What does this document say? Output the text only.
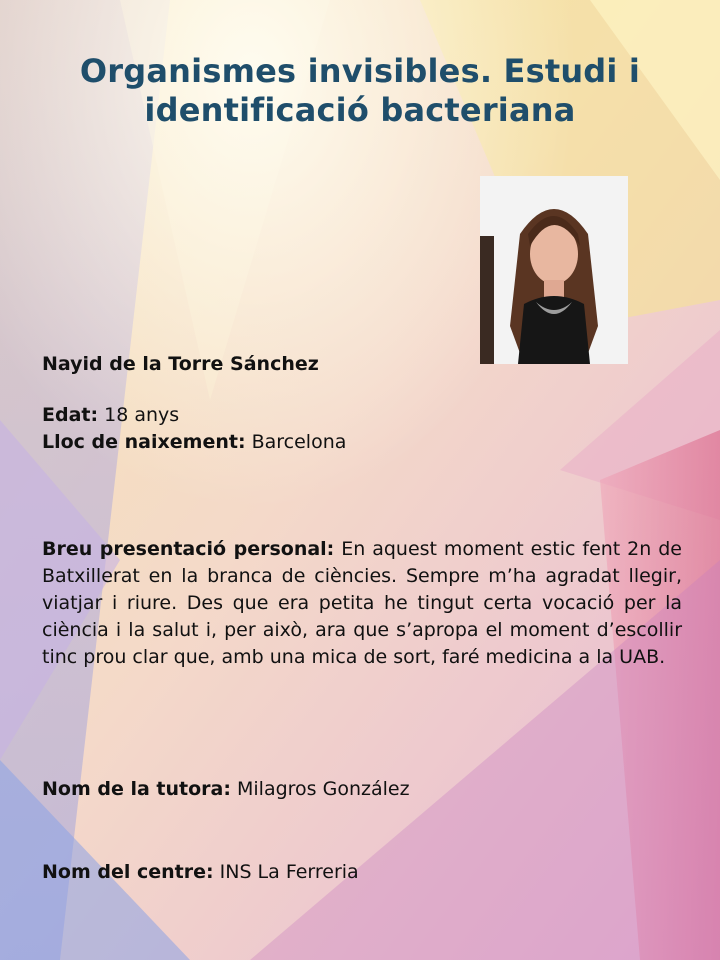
Organismes invisibles. Estudi i identificació bacteriana
Nayid de la Torre Sánchez
Edat: 18 anys
Lloc de naixement: Barcelona
Breu presentació personal: En aquest moment estic fent 2n de Batxillerat en la branca de ciències. Sempre m’ha agradat llegir, viatjar i riure. Des que era petita he tingut certa vocació per la ciència i la salut i, per això, ara que s’apropa el moment d’escollir tinc prou clar que, amb una mica de sort, faré medicina a la UAB.
Nom de la tutora: Milagros González
Nom del centre: INS La Ferreria
